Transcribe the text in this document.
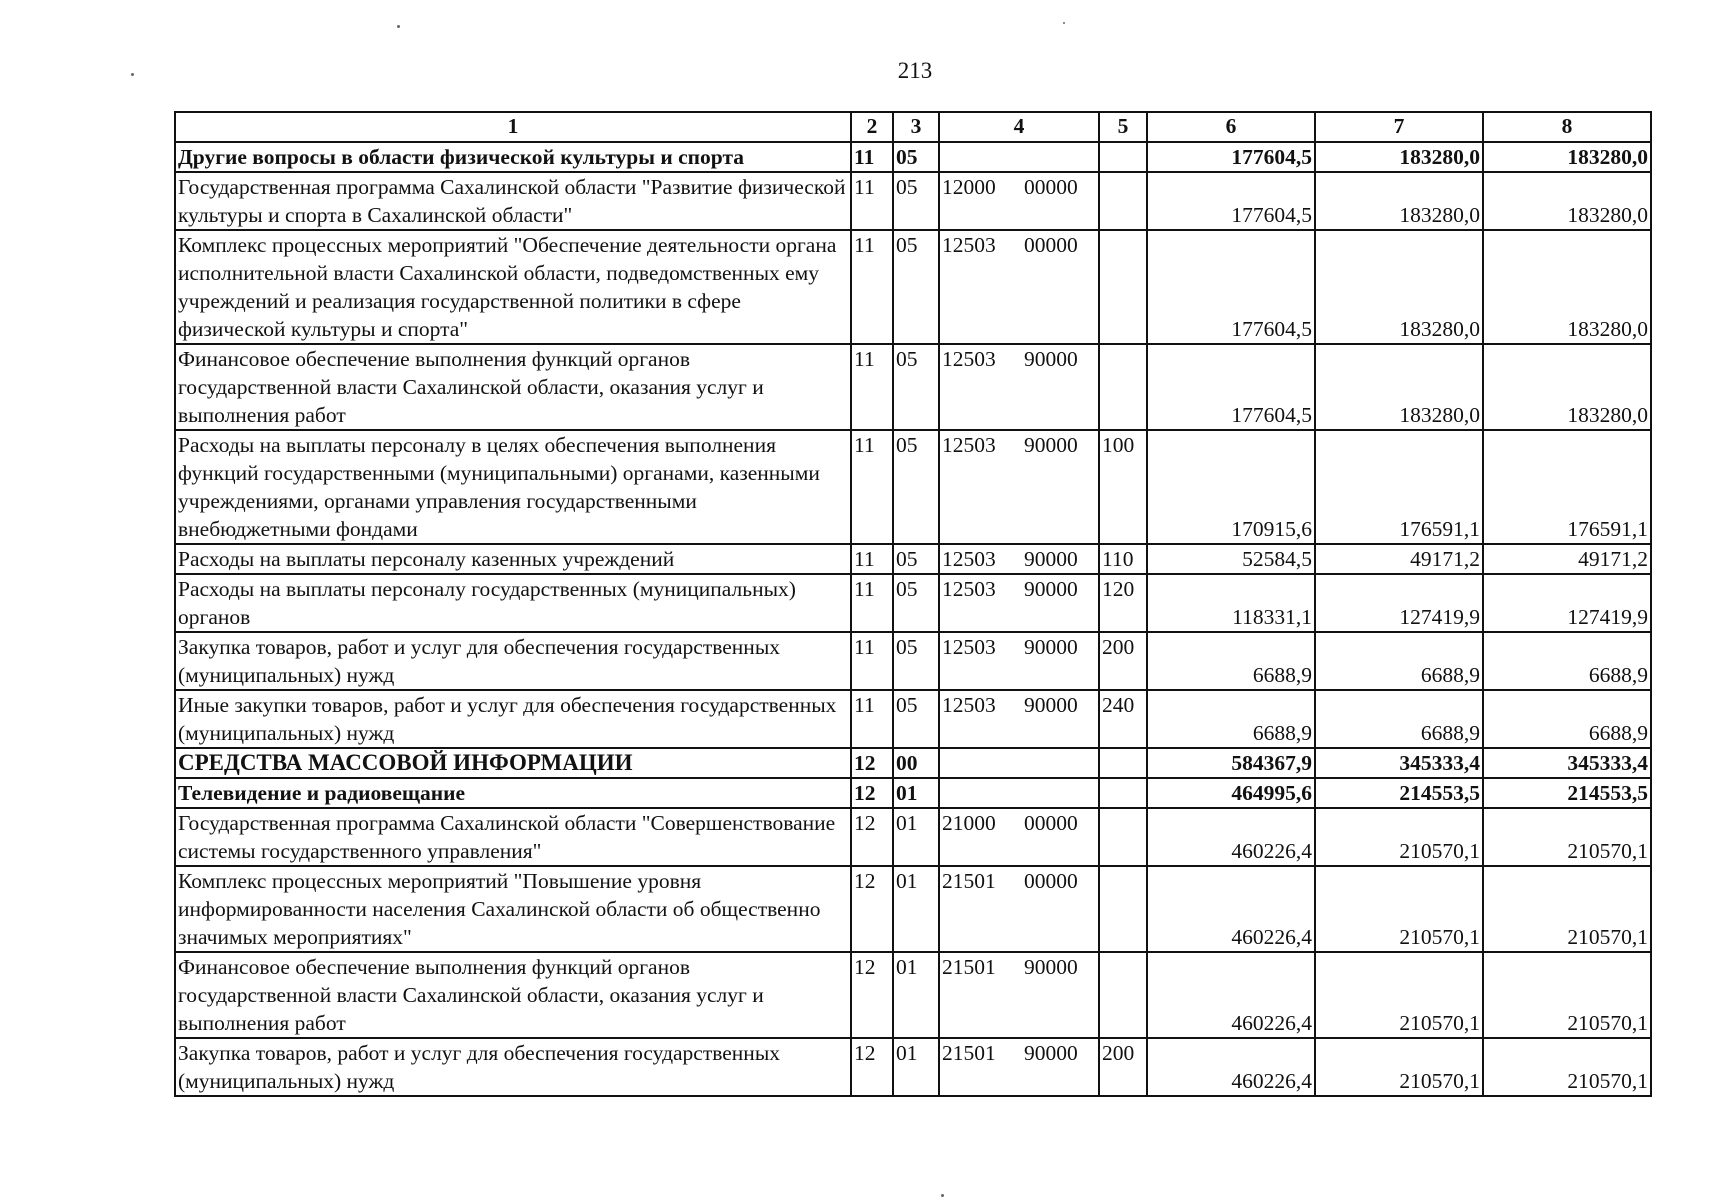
213
1	2	3	4	5	6	7	8
Другие вопросы в области физической культуры и спорта	11	05			177604,5	183280,0	183280,0
Государственная программа Сахалинской области "Развитие физической культуры и спорта в Сахалинской области"	11	05	12000 00000		177604,5	183280,0	183280,0
Комплекс процессных мероприятий "Обеспечение деятельности органа исполнительной власти Сахалинской области, подведомственных ему учреждений и реализация государственной политики в сфере физической культуры и спорта"	11	05	12503 00000		177604,5	183280,0	183280,0
Финансовое обеспечение выполнения функций органов государственной власти Сахалинской области, оказания услуг и выполнения работ	11	05	12503 90000		177604,5	183280,0	183280,0
Расходы на выплаты персоналу в целях обеспечения выполнения функций государственными (муниципальными) органами, казенными учреждениями, органами управления государственными внебюджетными фондами	11	05	12503 90000	100	170915,6	176591,1	176591,1
Расходы на выплаты персоналу казенных учреждений	11	05	12503 90000	110	52584,5	49171,2	49171,2
Расходы на выплаты персоналу государственных (муниципальных) органов	11	05	12503 90000	120	118331,1	127419,9	127419,9
Закупка товаров, работ и услуг для обеспечения государственных (муниципальных) нужд	11	05	12503 90000	200	6688,9	6688,9	6688,9
Иные закупки товаров, работ и услуг для обеспечения государственных (муниципальных) нужд	11	05	12503 90000	240	6688,9	6688,9	6688,9
СРЕДСТВА МАССОВОЙ ИНФОРМАЦИИ	12	00			584367,9	345333,4	345333,4
Телевидение и радиовещание	12	01			464995,6	214553,5	214553,5
Государственная программа Сахалинской области "Совершенствование системы государственного управления"	12	01	21000 00000		460226,4	210570,1	210570,1
Комплекс процессных мероприятий "Повышение уровня информированности населения Сахалинской области об общественно значимых мероприятиях"	12	01	21501 00000		460226,4	210570,1	210570,1
Финансовое обеспечение выполнения функций органов государственной власти Сахалинской области, оказания услуг и выполнения работ	12	01	21501 90000		460226,4	210570,1	210570,1
Закупка товаров, работ и услуг для обеспечения государственных (муниципальных) нужд	12	01	21501 90000	200	460226,4	210570,1	210570,1
